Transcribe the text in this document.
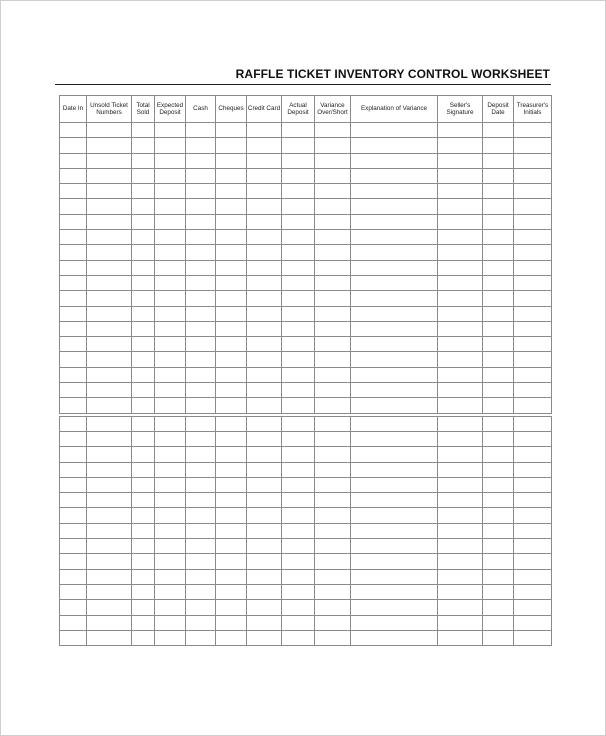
RAFFLE TICKET INVENTORY CONTROL WORKSHEET
Date In	Unsold Ticket Numbers	Total Sold	Expected Deposit	Cash	Cheques	Credit Card	Actual Deposit	Variance Over/Short	Explanation of Variance	Seller's Signature	Deposit Date	Treasurer's Initials
